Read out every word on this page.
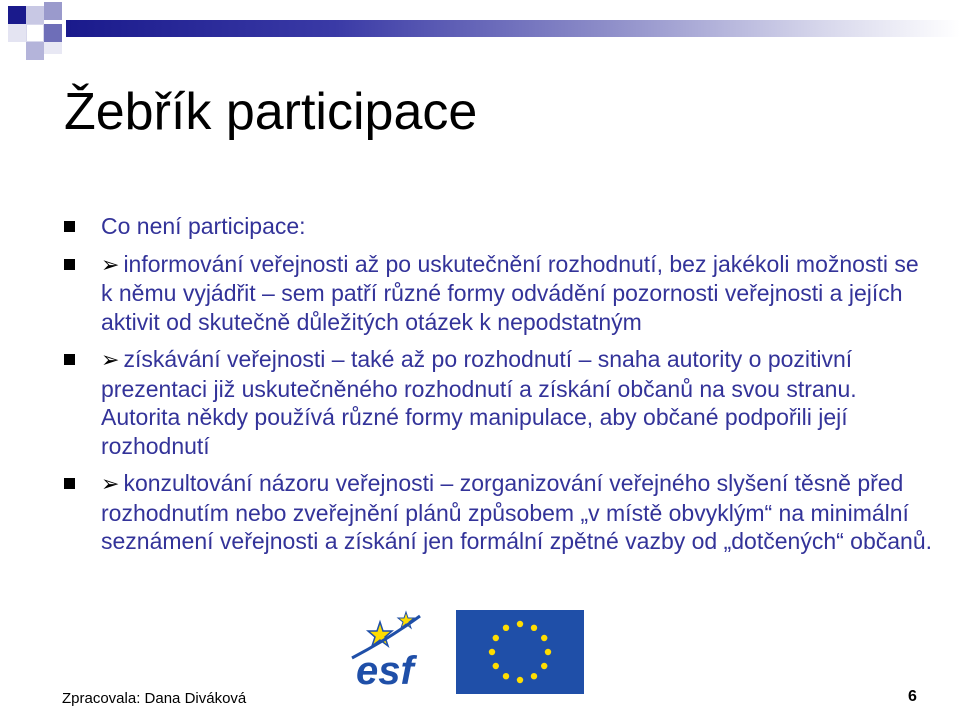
Žebřík participace
Co není participace:
➢ informování veřejnosti až po uskutečnění rozhodnutí, bez jakékoli možnosti se k němu vyjádřit – sem patří různé formy odvádění pozornosti veřejnosti a jejích aktivit od skutečně důležitých otázek k nepodstatným
➢ získávání veřejnosti – také až po rozhodnutí – snaha autority o pozitivní prezentaci již uskutečněného rozhodnutí a získání občanů na svou stranu. Autorita někdy používá různé formy manipulace, aby občané podpořili její rozhodnutí
➢ konzultování názoru veřejnosti – zorganizování veřejného slyšení těsně před rozhodnutím nebo zveřejnění plánů způsobem „v místě obvyklým“ na minimální seznámení veřejnosti a získání jen formální zpětné vazby od „dotčených“ občanů.
esf
Zpracovala: Dana Diváková	6
